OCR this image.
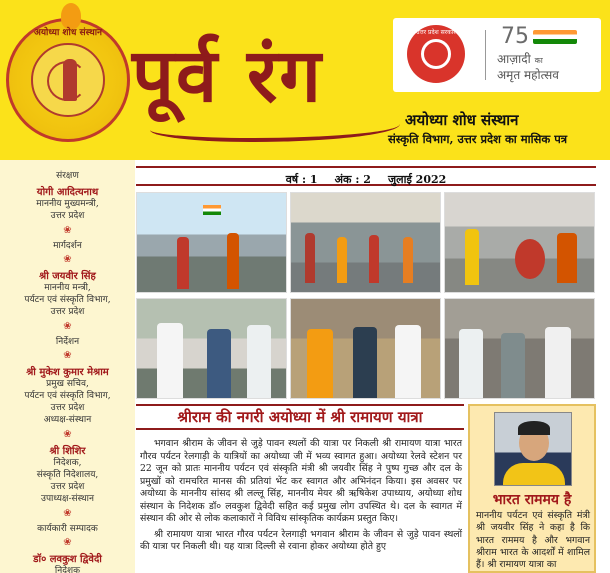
अयोध्या शोध संस्थान पूर्व रंग
उत्तर प्रदेश सरकार 75
आज़ादी का
अमृत महोत्सव
अयोध्या शोध संस्थान
संस्कृति विभाग, उत्तर प्रदेश का मासिक पत्र
संरक्षण
योगी आदित्यनाथ
माननीय मुख्यमन्त्री,
उत्तर प्रदेश
❀
मार्गदर्शन
❀
श्री जयवीर सिंह
माननीय मन्त्री,
पर्यटन एवं संस्कृति विभाग,
उत्तर प्रदेश
❀
निर्देशन
❀
श्री मुकेश कुमार मेश्राम
प्रमुख सचिव,
पर्यटन एवं संस्कृति विभाग,
उत्तर प्रदेश
अध्यक्ष-संस्थान
❀
श्री शिशिर
निदेशक,
संस्कृति निदेशालय,
उत्तर प्रदेश
उपाध्यक्ष-संस्थान
❀
कार्यकारी सम्पादक
❀
डॉ० लवकुश द्विवेदी
निदेशक
वर्ष : 1 अंक : 2 जुलाई 2022
श्रीराम की नगरी अयोध्या में श्री रामायण यात्रा

भगवान श्रीराम के जीवन से जुड़े पावन स्थलों की यात्रा पर निकली श्री रामायण यात्रा भारत गौरव पर्यटन रेलगाड़ी के यात्रियों का अयोध्या जी में भव्य स्वागत हुआ। अयोध्या रेलवे स्टेशन पर 22 जून को प्रातः माननीय पर्यटन एवं संस्कृति मंत्री श्री जयवीर सिंह ने पुष्प गुच्छ और दल के प्रमुखों को रामचरित मानस की प्रतियां भेंट कर स्वागत और अभिनंदन किया। इस अवसर पर अयोध्या के माननीय सांसद श्री लल्लू सिंह, माननीय मेयर श्री ऋषिकेश उपाध्याय, अयोध्या शोध संस्थान के निदेशक डॉ० लवकुश द्विवेदी सहित कई प्रमुख लोग उपस्थित थे। दल के स्वागत में संस्थान की ओर से लोक कलाकारों ने विविध सांस्कृतिक कार्यक्रम प्रस्तुत किए।

श्री रामायण यात्रा भारत गौरव पर्यटन रेलगाड़ी भगवान श्रीराम के जीवन से जुड़े पावन स्थलों की यात्रा पर निकली थी। यह यात्रा दिल्ली से रवाना होकर अयोध्या होते हुए

भारत राममय है
माननीय पर्यटन एवं संस्कृति मंत्री श्री जयवीर सिंह ने कहा है कि भारत राममय है और भगवान श्रीराम भारत के आदर्शों में शामिल हैं। श्री रामायण यात्रा का
